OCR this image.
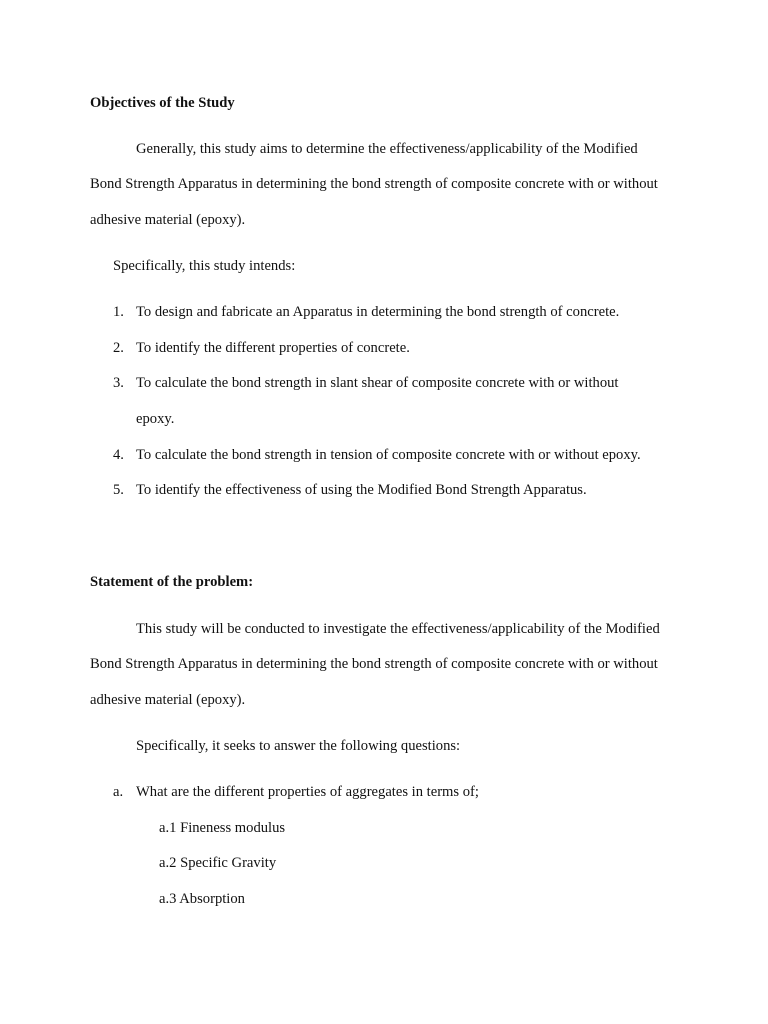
Objectives of the Study
Generally, this study aims to determine the effectiveness/applicability of the Modified
Bond Strength Apparatus in determining the bond strength of composite concrete with or without
adhesive material (epoxy).
Specifically, this study intends:
1. To design and fabricate an Apparatus in determining the bond strength of concrete.
2. To identify the different properties of concrete.
3. To calculate the bond strength in slant shear of composite concrete with or without
epoxy.
4. To calculate the bond strength in tension of composite concrete with or without epoxy.
5. To identify the effectiveness of using the Modified Bond Strength Apparatus.
Statement of the problem:
This study will be conducted to investigate the effectiveness/applicability of the Modified
Bond Strength Apparatus in determining the bond strength of composite concrete with or without
adhesive material (epoxy).
Specifically, it seeks to answer the following questions:
a. What are the different properties of aggregates in terms of;
a.1 Fineness modulus
a.2 Specific Gravity
a.3 Absorption
